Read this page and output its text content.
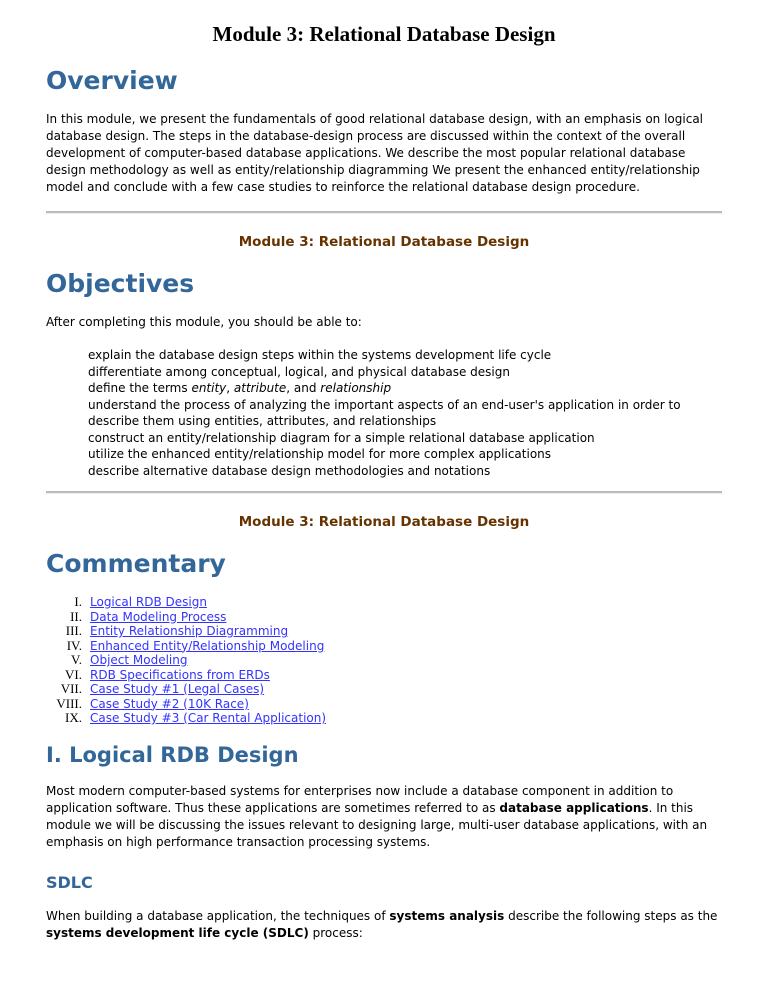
Module 3: Relational Database Design
Overview

In this module, we present the fundamentals of good relational database design, with an emphasis on logical database design. The steps in the database-design process are discussed within the context of the overall development of computer-based database applications. We describe the most popular relational database design methodology as well as entity/relationship diagramming We present the enhanced entity/relationship model and conclude with a few case studies to reinforce the relational database design procedure.

Module 3: Relational Database Design
Objectives

After completing this module, you should be able to:

explain the database design steps within the systems development life cycle
differentiate among conceptual, logical, and physical database design
define the terms entity, attribute, and relationship
understand the process of analyzing the important aspects of an end-user's application in order to describe them using entities, attributes, and relationships
construct an entity/relationship diagram for a simple relational database application
utilize the enhanced entity/relationship model for more complex applications
describe alternative database design methodologies and notations
Module 3: Relational Database Design
Commentary
I. Logical RDB Design
II. Data Modeling Process
III. Entity Relationship Diagramming
IV. Enhanced Entity/Relationship Modeling
V. Object Modeling
VI. RDB Specifications from ERDs
VII. Case Study #1 (Legal Cases)
VIII. Case Study #2 (10K Race)
IX. Case Study #3 (Car Rental Application)
I. Logical RDB Design

Most modern computer-based systems for enterprises now include a database component in addition to application software. Thus these applications are sometimes referred to as database applications. In this module we will be discussing the issues relevant to designing large, multi-user database applications, with an emphasis on high performance transaction processing systems.

SDLC

When building a database application, the techniques of systems analysis describe the following steps as the systems development life cycle (SDLC) process:
